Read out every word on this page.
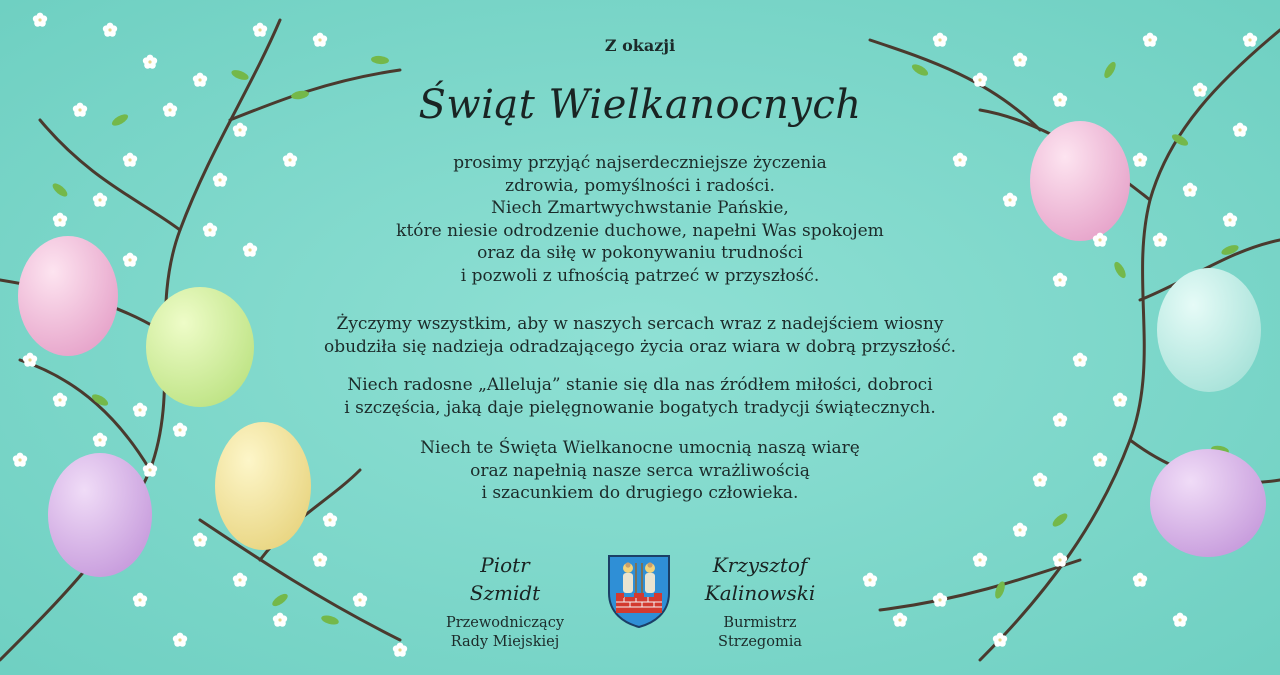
Z okazji
Świąt Wielkanocnych
prosimy przyjąć najserdeczniejsze życzenia
zdrowia, pomyślności i radości.
Niech Zmartwychwstanie Pańskie,
które niesie odrodzenie duchowe, napełni Was spokojem
oraz da siłę w pokonywaniu trudności
i pozwoli z ufnością patrzeć w przyszłość.
Życzymy wszystkim, aby w naszych sercach wraz z nadejściem wiosny
obudziła się nadzieja odradzającego życia oraz wiara w dobrą przyszłość.
Niech radosne „Alleluja” stanie się dla nas źródłem miłości, dobroci
i szczęścia, jaką daje pielęgnowanie bogatych tradycji świątecznych.
Niech te Święta Wielkanocne umocnią naszą wiarę
oraz napełnią nasze serca wrażliwością
i szacunkiem do drugiego człowieka.
Piotr
Szmidt
Przewodniczący
Rady Miejskiej
Krzysztof
Kalinowski
Burmistrz
Strzegomia
